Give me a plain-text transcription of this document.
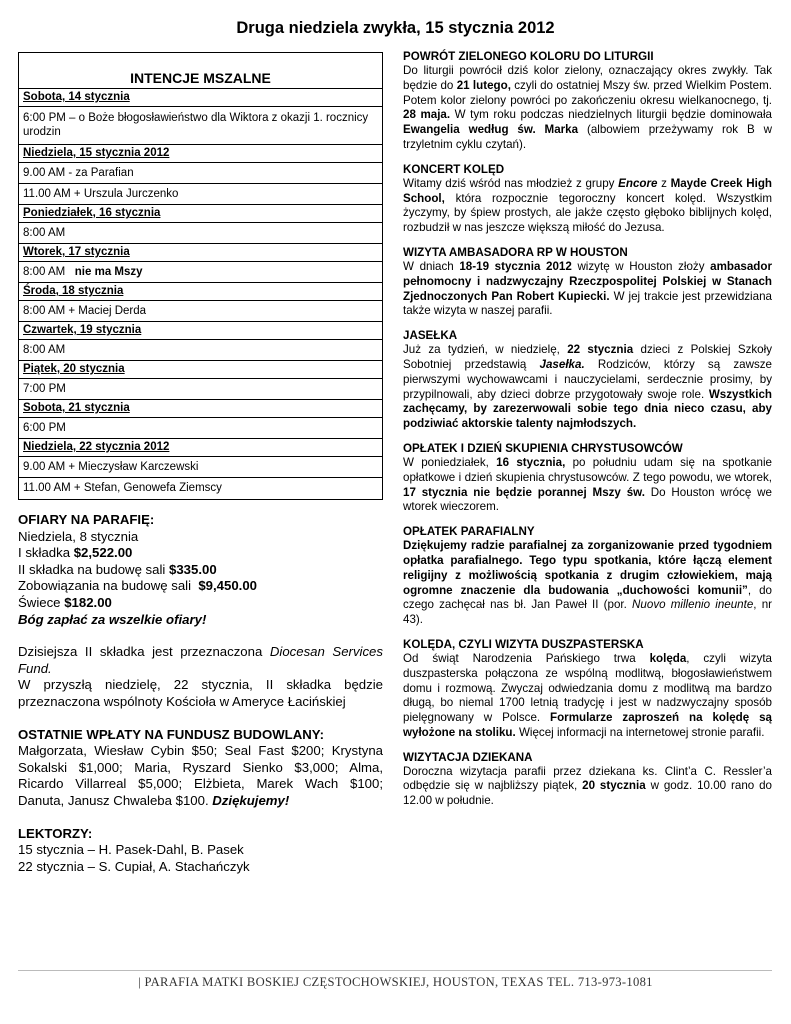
Druga niedziela zwykła, 15 stycznia 2012
INTENCJE MSZALNE
Sobota, 14 stycznia
6:00 PM – o Boże błogosławieństwo dla Wiktora z okazji 1. rocznicy urodzin
Niedziela, 15 stycznia 2012
9.00 AM - za Parafian
11.00 AM + Urszula Jurczenko
Poniedziałek, 16 stycznia
8:00 AM
Wtorek, 17 stycznia
8:00 AM   nie ma Mszy
Środa, 18 stycznia
8:00 AM + Maciej Derda
Czwartek, 19 stycznia
8:00 AM
Piątek, 20 stycznia
7:00 PM
Sobota, 21 stycznia
6:00 PM
Niedziela, 22 stycznia 2012
9.00 AM + Mieczysław Karczewski
11.00 AM + Stefan, Genowefa Ziemscy

OFIARY NA PARAFIĘ:

Niedziela, 8 stycznia

I składka $2,522.00

II składka na budowę sali $335.00

Zobowiązania na budowę sali  $9,450.00

Świece $182.00

Bóg zapłać za wszelkie ofiary!

Dzisiejsza II składka jest przeznaczona Diocesan Services Fund.

W przyszłą niedzielę, 22 stycznia, II składka będzie przeznaczona wspólnoty Kościoła w Ameryce Łacińskiej

OSTATNIE WPŁATY NA FUNDUSZ BUDOWLANY:

Małgorzata, Wiesław Cybin $50; Seal Fast $200; Krystyna Sokalski $1,000; Maria, Ryszard Sienko $3,000; Alma, Ricardo Villarreal $5,000; Elżbieta, Marek Wach $100; Danuta, Janusz Chwaleba $100. Dziękujemy!

LEKTORZY:

15 stycznia – H. Pasek-Dahl, B. Pasek

22 stycznia – S. Cupiał, A. Stachańczyk

POWRÓT ZIELONEGO KOLORU DO LITURGII
Do liturgii powrócił dziś kolor zielony, oznaczający okres zwykły. Tak będzie do 21 lutego, czyli do ostatniej Mszy św. przed Wielkim Postem. Potem kolor zielony powróci po zakończeniu okresu wielkanocnego, tj. 28 maja. W tym roku podczas niedzielnych liturgii będzie dominowała Ewangelia według św. Marka (albowiem przeżywamy rok B w trzyletnim cyklu czytań).
KONCERT KOLĘD
Witamy dziś wśród nas młodzież z grupy Encore z Mayde Creek High School, która rozpocznie tegoroczny koncert kolęd. Wszystkim życzymy, by śpiew prostych, ale jakże często głęboko biblijnych kolęd, rozbudził w nas jeszcze większą miłość do Jezusa.
WIZYTA AMBASADORA RP W HOUSTON
W dniach 18-19 stycznia 2012 wizytę w Houston złoży ambasador pełnomocny i nadzwyczajny Rzeczpospolitej Polskiej w Stanach Zjednoczonych Pan Robert Kupiecki. W jej trakcie jest przewidziana także wizyta w naszej parafii.
JASEŁKA
Już za tydzień, w niedzielę, 22 stycznia dzieci z Polskiej Szkoły Sobotniej przedstawią Jasełka. Rodziców, którzy są zawsze pierwszymi wychowawcami i nauczycielami, serdecznie prosimy, by przypilnowali, aby dzieci dobrze przygotowały swoje role. Wszystkich zachęcamy, by zarezerwowali sobie tego dnia nieco czasu, aby podziwiać aktorskie talenty najmłodszych.
OPŁATEK I DZIEŃ SKUPIENIA CHRYSTUSOWCÓW
W poniedziałek, 16 stycznia, po południu udam się na spotkanie opłatkowe i dzień skupienia chrystusowców. Z tego powodu, we wtorek, 17 stycznia nie będzie porannej Mszy św. Do Houston wrócę we wtorek wieczorem.
OPŁATEK PARAFIALNY
Dziękujemy radzie parafialnej za zorganizowanie przed tygodniem opłatka parafialnego. Tego typu spotkania, które łączą element religijny z możliwością spotkania z drugim człowiekiem, mają ogromne znaczenie dla budowania „duchowości komunii”, do czego zachęcał nas bł. Jan Paweł II (por. Nuovo millenio ineunte, nr 43).
KOLĘDA, CZYLI WIZYTA DUSZPASTERSKA
Od świąt Narodzenia Pańskiego trwa kolęda, czyli wizyta duszpasterska połączona ze wspólną modlitwą, błogosławieństwem domu i rozmową. Zwyczaj odwiedzania domu z modlitwą ma bardzo długą, bo niemal 1700 letnią tradycję i jest w nadzwyczajny sposób pielęgnowany w Polsce. Formularze zaproszeń na kolędę są wyłożone na stoliku. Więcej informacji na internetowej stronie parafii.
WIZYTACJA DZIEKANA
Doroczna wizytacja parafii przez dziekana ks. Clint’a C. Ressler’a odbędzie się w najbliższy piątek, 20 stycznia w godz. 10.00 rano do 12.00 w południe.
| PARAFIA MATKI BOSKIEJ CZĘSTOCHOWSKIEJ, HOUSTON, TEXAS TEL. 713-973-1081
